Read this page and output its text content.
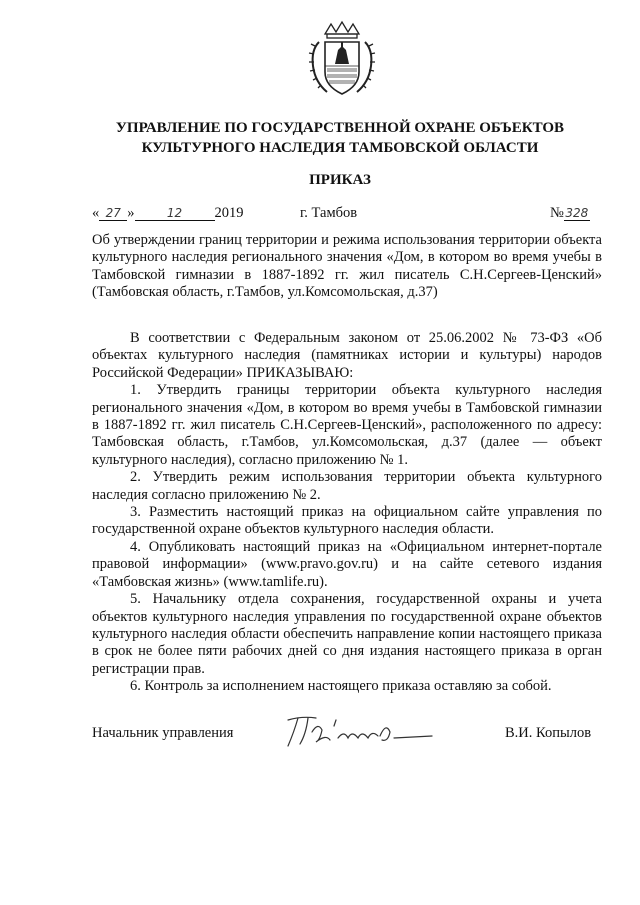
УПРАВЛЕНИЕ ПО ГОСУДАРСТВЕННОЙ ОХРАНЕ ОБЪЕКТОВ
КУЛЬТУРНОГО НАСЛЕДИЯ ТАМБОВСКОЙ ОБЛАСТИ
ПРИКАЗ
« 27 »	12 2019	г. Тамбов	№ 328
Об утверждении границ территории и режима использования территории объекта культурного наследия регионального значения «Дом, в котором во время учебы в Тамбовской гимназии в 1887-1892 гг. жил писатель С.Н.Сергеев-Ценский» (Тамбовская область, г.Тамбов, ул.Комсомольская, д.37)

В соответствии с Федеральным законом от 25.06.2002 № 73-ФЗ «Об объектах культурного наследия (памятниках истории и культуры) народов Российской Федерации» ПРИКАЗЫВАЮ:

1. Утвердить границы территории объекта культурного наследия регионального значения «Дом, в котором во время учебы в Тамбовской гимназии в 1887-1892 гг. жил писатель С.Н.Сергеев-Ценский», расположенного по адресу: Тамбовская область, г.Тамбов, ул.Комсомольская, д.37 (далее — объект культурного наследия), согласно приложению № 1.

2. Утвердить режим использования территории объекта культурного наследия согласно приложению № 2.

3. Разместить настоящий приказ на официальном сайте управления по государственной охране объектов культурного наследия области.

4. Опубликовать настоящий приказ на «Официальном интернет-портале правовой информации» (www.pravo.gov.ru) и на сайте сетевого издания «Тамбовская жизнь» (www.tamlife.ru).

5. Начальнику отдела сохранения, государственной охраны и учета объектов культурного наследия управления по государственной охране объектов культурного наследия области обеспечить направление копии настоящего приказа в срок не более пяти рабочих дней со дня издания настоящего приказа в орган регистрации прав.

6. Контроль за исполнением настоящего приказа оставляю за собой.

Начальник управления	В.И. Копылов
